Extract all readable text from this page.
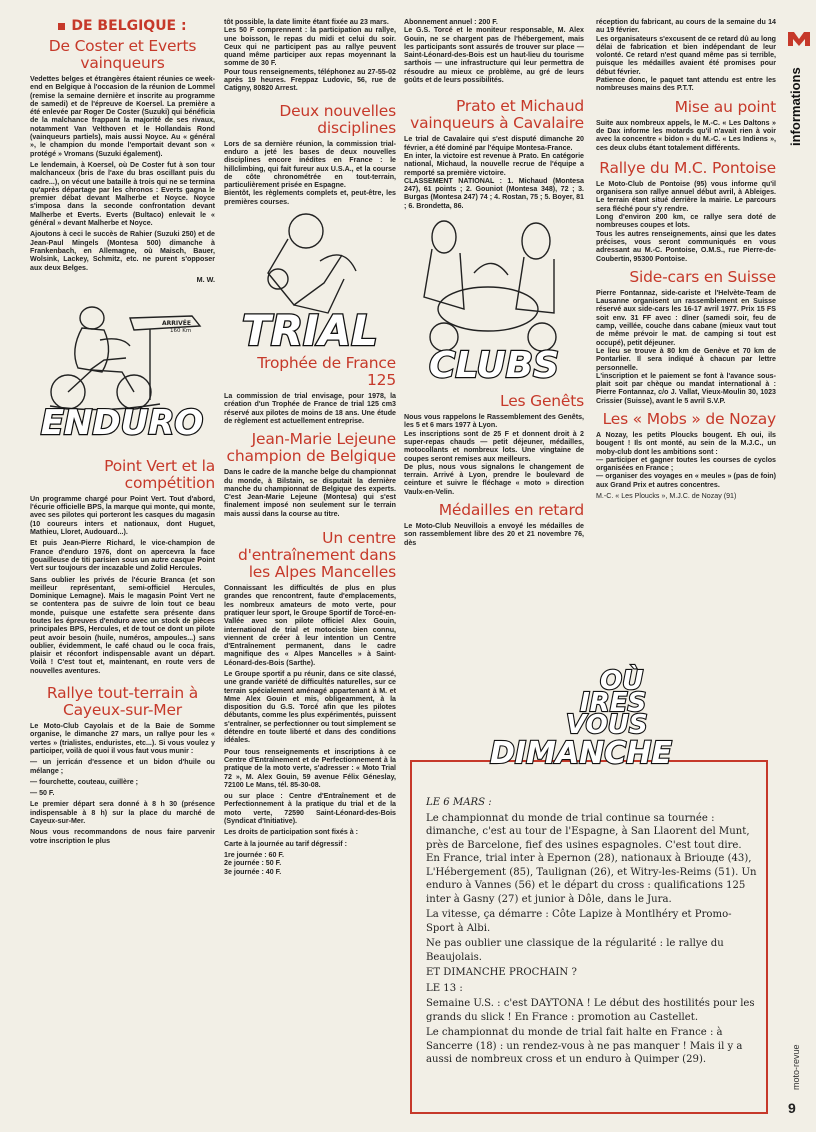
DE BELGIQUE :
De Coster et Everts vainqueurs

Vedettes belges et étrangères étaient réunies ce week-end en Belgique à l'occasion de la réunion de Lommel (remise la semaine dernière et inscrite au programme de samedi) et de l'épreuve de Koersel. La première a été enlevée par Roger De Coster (Suzuki) qui bénéficia de la malchance frappant la majorité de ses rivaux, notamment Van Velthoven et le Hollandais Rond (vainqueurs partiels), mais aussi Noyce. Au « général », le champion du monde l'emportait devant son « protégé » Vromans (Suzuki également).

Le lendemain, à Koersel, où De Coster fut à son tour malchanceux (bris de l'axe du bras oscillant puis du cadre...), on vécut une bataille à trois qui ne se termina qu'après départage par les chronos : Everts gagna le premier débat devant Malherbe et Noyce. Noyce s'imposa dans la seconde confrontation devant Malherbe et Everts. Everts (Bultaco) enlevait le « général » devant Malherbe et Noyce.

Ajoutons à ceci le succès de Rahier (Suzuki 250) et de Jean-Paul Mingels (Montesa 500) dimanche à Frankenbach, en Allemagne, où Maisch, Bauer, Wolsink, Lackey, Schmitz, etc. ne purent s'opposer aux deux Belges.

M. W.

ARRIVÉE
160 Km
ENDURO
Point Vert et la compétition

Un programme chargé pour Point Vert. Tout d'abord, l'écurie officielle BPS, la marque qui monte, qui monte, avec ses pilotes qui porteront les casques du magasin (10 coureurs inters et nationaux, dont Huguet, Mathieu, Lloret, Audouard...).

Et puis Jean-Pierre Richard, le vice-champion de France d'endurо 1976, dont on apercevra la face gouailleuse de titi parisien sous un autre casque Point Vert sur toujours der incazable und Zolid Hercules.

Sans oublier les privés de l'écurie Branca (et son meilleur représentant, semi-officiel Hercules, Dominique Lemagne). Mais le magasin Point Vert ne se contentera pas de suivre de loin tout ce beau monde, puisque une estafette sera présente dans toutes les épreuves d'enduro avec un stock de pièces principales BPS, Hercules, et de tout ce dont un pilote peut avoir besoin (huile, numéros, ampoules...) sans oublier, évidemment, le café chaud ou le coca frais, plaisir et réconfort indispensable avant un départ. Voilà ! C'est tout et, maintenant, en route vers de nouvelles aventures.

Rallye tout-terrain à Cayeux-sur-Mer

Le Moto-Club Cayolais et de la Baie de Somme organise, le dimanche 27 mars, un rallye pour les « vertes » (trialistes, enduristes, etc...). Si vous voulez y participer, voilà de quoi il vous faut vous munir :

— un jerricán d'essence et un bidon d'huile ou mélange ;

— fourchette, couteau, cuillère ;

— 50 F.

Le premier départ sera donné à 8 h 30 (présence indispensable à 8 h) sur la place du marché de Cayeux-sur-Mer.

Nous vous recommandons de nous faire parvenir votre inscription le plus

tôt possible, la date limite étant fixée au 23 mars.
Les 50 F comprennent : la participation au rallye, une boisson, le repas du midi et celui du soir. Ceux qui ne participent pas au rallye peuvent quand même participer aux repas moyennant la somme de 30 F.
Pour tous renseignements, téléphonez au 27-55-02 après 19 heures. Freppaz Ludovic, 56, rue de Catigny, 80820 Arrest.

Deux nouvelles disciplines

Lors de sa dernière réunion, la commission trial-enduro a jeté les bases de deux nouvelles disciplines encore inédites en France : le hillclimbing, qui fait fureur aux U.S.A., et la course de côte chronométrée en tout-terrain, particulièrement prisée en Espagne.
Bientôt, les règlements complets et, peut-être, les premières courses.

TRIAL
Trophée de France 125

La commission de trial envisage, pour 1978, la création d'un Trophée de France de trial 125 cm3 réservé aux pilotes de moins de 18 ans. Une étude de règlement est actuellement entreprise.

Jean-Marie Lejeune champion de Belgique

Dans le cadre de la manche belge du championnat du monde, à Bilstain, se disputait la dernière manche du championnat de Belgique des experts. C'est Jean-Marie Lejeune (Montesa) qui s'est finalement imposé non seulement sur le terrain mais aussi dans la course au titre.

Un centre d'entraînement dans les Alpes Mancelles

Connaissant les difficultés de plus en plus grandes que rencontrent, faute d'emplacements, les nombreux amateurs de moto verte, pour pratiquer leur sport, le Groupe Sportif de Torcé-en-Vallée avec son pilote officiel Alex Gouin, international de trial et motociste bien connu, viennent de créer à leur intention un Centre d'Entraînement permanent, dans le cadre magnifique des « Alpes Mancelles » à Saint-Léonard-des-Bois (Sarthe).

Le Groupe sportif a pu réunir, dans ce site classé, une grande variété de difficultés naturelles, sur ce terrain spécialement aménagé appartenant à M. et Mme Alex Gouin et mis, obligeamment, à la disposition du G.S. Torcé afin que les pilotes débutants, comme les plus expérimentés, puissent s'entraîner, se perfectionner ou tout simplement se détendre en toute liberté et dans des conditions idéales.

Pour tous renseignements et inscriptions à ce Centre d'Entraînement et de Perfectionnement à la pratique de la moto verte, s'adresser : « Moto Trial 72 », M. Alex Gouin, 59 avenue Félix Géneslay, 72100 Le Mans, tél. 85-30-08.

ou sur place : Centre d'Entraînement et de Perfectionnement à la pratique du trial et de la moto verte, 72590 Saint-Léonard-des-Bois (Syndicat d'Initiative).

Les droits de participation sont fixés à :

Carte à la journée au tarif dégressif :

1re journée : 60 F.

2e journée : 50 F.

3e journée : 40 F.

Abonnement annuel : 200 F.
Le G.S. Torcé et le moniteur responsable, M. Alex Gouin, ne se chargent pas de l'hébergement, mais les participants sont assurés de trouver sur place — Saint-Léonard-des-Bois est un haut-lieu du tourisme sarthois — une infrastructure qui leur permettra de résoudre au mieux ce problème, au gré de leurs goûts et de leurs possibilités.

Prato et Michaud vainqueurs à Cavalaire

Le trial de Cavalaire qui s'est disputé dimanche 20 février, a été dominé par l'équipe Montesa-France.
En inter, la victoire est revenue à Prato. En catégorie national, Michaud, la nouvelle recrue de l'équipe a remporté sa première victoire.
CLASSEMENT NATIONAL : 1. Michaud (Montesa 247), 61 points ; 2. Gouniot (Montesa 348), 72 ; 3. Burgas (Montesa 247) 74 ; 4. Rostan, 75 ; 5. Boyer, 81 ; 6. Brondetta, 86.

CLUBS
Les Genêts

Nous vous rappelons le Rassemblement des Genêts, les 5 et 6 mars 1977 à Lyon.
Les inscriptions sont de 25 F et donnent droit à 2 super-repas chauds — petit déjeuner, médailles, motocollants et nombreux lots. Une vingtaine de coupes seront remises aux meilleurs.
De plus, nous vous signalons le changement de terrain. Arrivé à Lyon, prendre le boulevard de ceinture et suivre le fléchage « moto » direction Vaulx-en-Velin.

Médailles en retard

Le Moto-Club Neuvillois a envoyé les médailles de son rassemblement libre des 20 et 21 novembre 76, dès

réception du fabricant, au cours de la semaine du 14 au 19 février.
Les organisateurs s'excusent de ce retard dû au long délai de fabrication et bien indépendant de leur volonté. Ce retard n'est quand même pas si terrible, puisque les médailles avaient été promises pour début février.
Patience donc, le paquet tant attendu est entre les nombreuses mains des P.T.T.

Mise au point

Suite aux nombreux appels, le M.-C. « Les Daltons » de Dax informe les motards qu'il n'avait rien à voir avec la concentre « bidon » du M.-C. « Les Indiens », ces deux clubs étant totalement différents.

Rallye du M.C. Pontoise

Le Moto-Club de Pontoise (95) vous informe qu'il organisera son rallye annuel début avril, à Ableiges. Le terrain étant situé derrière la mairie. Le parcours sera fléché pour s'y rendre.
Long d'environ 200 km, ce rallye sera doté de nombreuses coupes et lots.
Tous les autres renseignements, ainsi que les dates précises, vous seront communiqués en vous adressant au M.-C. Pontoise, O.M.S., rue Pierre-de-Coubertin, 95300 Pontoise.

Side-cars en Suisse

Pierre Fontannaz, side-cariste et l'Helvète-Team de Lausanne organisent un rassemblement en Suisse réservé aux side-cars les 16-17 avril 1977. Prix 15 FS soit env. 31 FF avec : dîner (samedi soir, feu de camp, veillée, couche dans cabane (mieux vaut tout de même prévoir le mat. de camping si tout est occupé), petit déjeuner.
Le lieu se trouve à 80 km de Genève et 70 km de Pontarlier. Il sera indiqué à chacun par lettre personnelle.
L'inscription et le paiement se font à l'avance sous-plait soit par chèque ou mandat international à : Pierre Fontannaz, c/o J. Vallat, Vieux-Moulin 30, 1023 Crissier (Suisse), avant le 5 avril S.V.P.

Les « Mobs » de Nozay

A Nozay, les petits Ploucks bougent. Eh oui, ils bougent ! Ils ont monté, au sein de la M.J.C., un moby-club dont les ambitions sont :
— participer et gagner toutes les courses de cyclos organisées en France ;
— organiser des voyages en « meules » (pas de foin) aux Grand Prix et autres concentres.

M.-C. « Les Ploucks », M.J.C. de Nozay (91)

LE 6 MARS :

Le championnat du monde de trial continue sa tournée : dimanche, c'est au tour de l'Espagne, à San Llaorent del Munt, près de Barcelone, fief des usines espagnoles. C'est tout dire. En France, trial inter à Epernon (28), nationaux à Briouде (43), L'Hébergement (85), Taulignan (26), et Witry-les-Reims (51). Un enduro à Vannes (56) et le départ du cross : qualifications 125 inter à Gasny (27) et junior à Dôle, dans le Jura.

La vitesse, ça démarre : Côte Lapize à Montlhéry et Promo-Sport à Albi.

Ne pas oublier une classique de la régularité : le rallye du Beaujolais.

ET DIMANCHE PROCHAIN ?

LE 13 :

Semaine U.S. : c'est DAYTONA ! Le début des hostilités pour les grands du slick ! En France : promotion au Castellet.

Le championnat du monde de trial fait halte en France : à Sancerre (18) : un rendez-vous à ne pas manquer ! Mais il y a aussi de nombreux cross et un enduro à Quimper (29).

OÙ
IRES
VOUS
DIMANCHE
informations
moto-revue
9
